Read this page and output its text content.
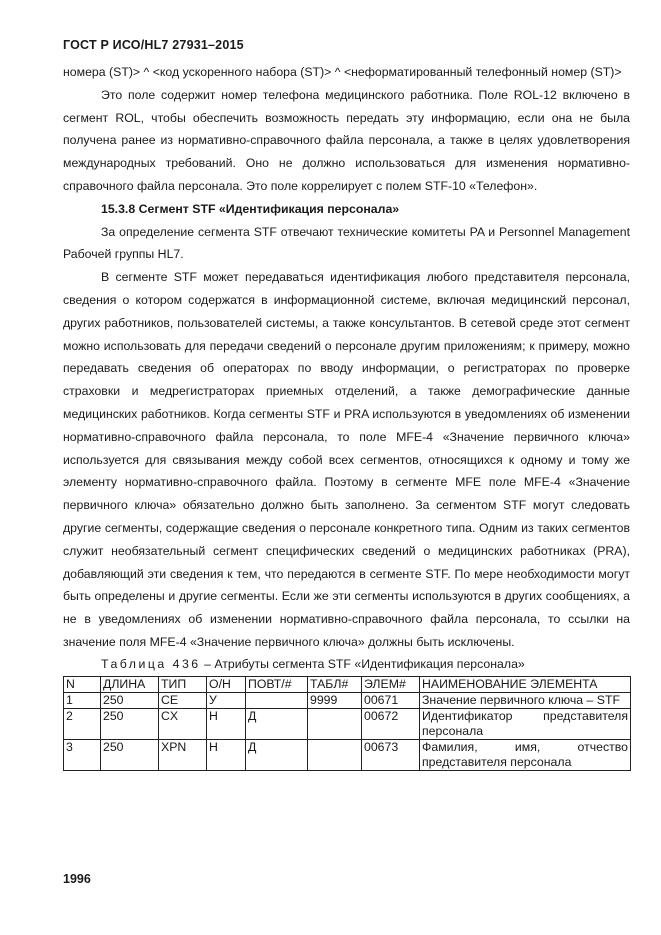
ГОСТ Р ИСО/HL7 27931–2015

номера (ST)> ^ <код ускоренного набора (ST)> ^ <неформатированный телефонный номер (ST)>

Это поле содержит номер телефона медицинского работника. Поле ROL-12 включено в сегмент ROL, чтобы обеспечить возможность передать эту информацию, если она не была получена ранее из нормативно-справочного файла персонала, а также в целях удовлетворения международных требований. Оно не должно использоваться для изменения нормативно-справочного файла персонала. Это поле коррелирует с полем STF-10 «Телефон».

15.3.8 Сегмент STF «Идентификация персонала»

За определение сегмента STF отвечают технические комитеты PA и Personnel Management Рабочей группы HL7.

В сегменте STF может передаваться идентификация любого представителя персонала, сведения о котором содержатся в информационной системе, включая медицинский персонал, других работников, пользователей системы, а также консультантов. В сетевой среде этот сегмент можно использовать для передачи сведений о персонале другим приложениям; к примеру, можно передавать сведения об операторах по вводу информации, о регистраторах по проверке страховки и медрегистраторах приемных отделений, а также демографические данные медицинских работников. Когда сегменты STF и PRA используются в уведомлениях об изменении нормативно-справочного файла персонала, то поле MFE-4 «Значение первичного ключа» используется для связывания между собой всех сегментов, относящихся к одному и тому же элементу нормативно-справочного файла. Поэтому в сегменте MFE поле MFE-4 «Значение первичного ключа» обязательно должно быть заполнено. За сегментом STF могут следовать другие сегменты, содержащие сведения о персонале конкретного типа. Одним из таких сегментов служит необязательный сегмент специфических сведений о медицинских работниках (PRA), добавляющий эти сведения к тем, что передаются в сегменте STF. По мере необходимости могут быть определены и другие сегменты. Если же эти сегменты используются в других сообщениях, а не в уведомлениях об изменении нормативно-справочного файла персонала, то ссылки на значение поля MFE-4 «Значение первичного ключа» должны быть исключены.

Таблица 436 – Атрибуты сегмента STF «Идентификация персонала»
N	ДЛИНА	ТИП	О/Н	ПОВТ/#	ТАБЛ#	ЭЛЕМ#	НАИМЕНОВАНИЕ ЭЛЕМЕНТА
1	250	CE	У		9999	00671	Значение первичного ключа – STF
2	250	CX	Н	Д		00672	Идентификатор представителя персонала
3	250	XPN	Н	Д		00673	Фамилия, имя, отчество представителя персонала
1996
